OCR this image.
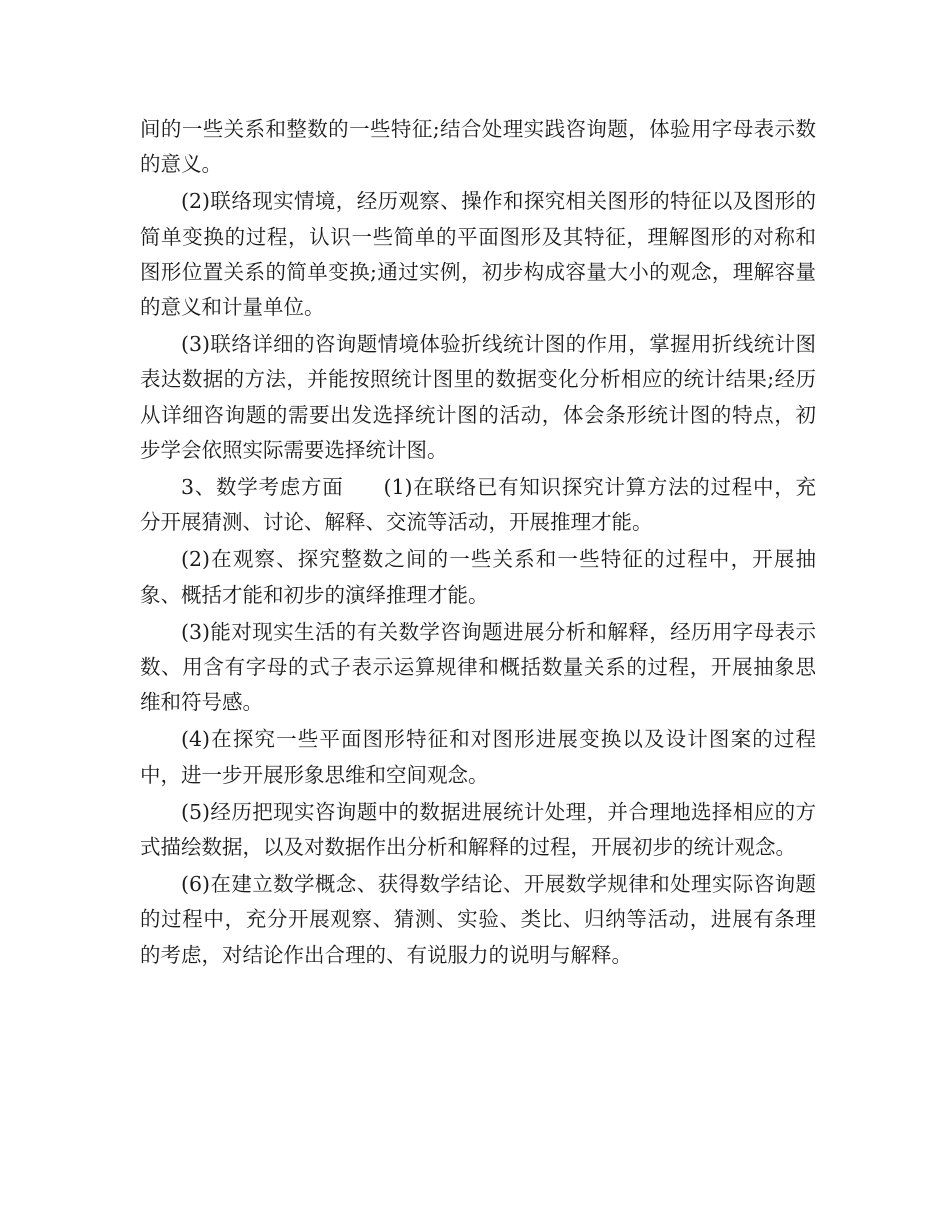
间的一些关系和整数的一些特征;结合处理实践咨询题，体验用字母表示数的意义。

(2)联络现实情境，经历观察、操作和探究相关图形的特征以及图形的简单变换的过程，认识一些简单的平面图形及其特征，理解图形的对称和图形位置关系的简单变换;通过实例，初步构成容量大小的观念，理解容量的意义和计量单位。

(3)联络详细的咨询题情境体验折线统计图的作用，掌握用折线统计图表达数据的方法，并能按照统计图里的数据变化分析相应的统计结果;经历从详细咨询题的需要出发选择统计图的活动，体会条形统计图的特点，初步学会依照实际需要选择统计图。

3、数学考虑方面 (1)在联络已有知识探究计算方法的过程中，充分开展猜测、讨论、解释、交流等活动，开展推理才能。

(2)在观察、探究整数之间的一些关系和一些特征的过程中，开展抽象、概括才能和初步的演绎推理才能。

(3)能对现实生活的有关数学咨询题进展分析和解释，经历用字母表示数、用含有字母的式子表示运算规律和概括数量关系的过程，开展抽象思维和符号感。

(4)在探究一些平面图形特征和对图形进展变换以及设计图案的过程中，进一步开展形象思维和空间观念。

(5)经历把现实咨询题中的数据进展统计处理，并合理地选择相应的方式描绘数据，以及对数据作出分析和解释的过程，开展初步的统计观念。

(6)在建立数学概念、获得数学结论、开展数学规律和处理实际咨询题的过程中，充分开展观察、猜测、实验、类比、归纳等活动，进展有条理的考虑，对结论作出合理的、有说服力的说明与解释。
